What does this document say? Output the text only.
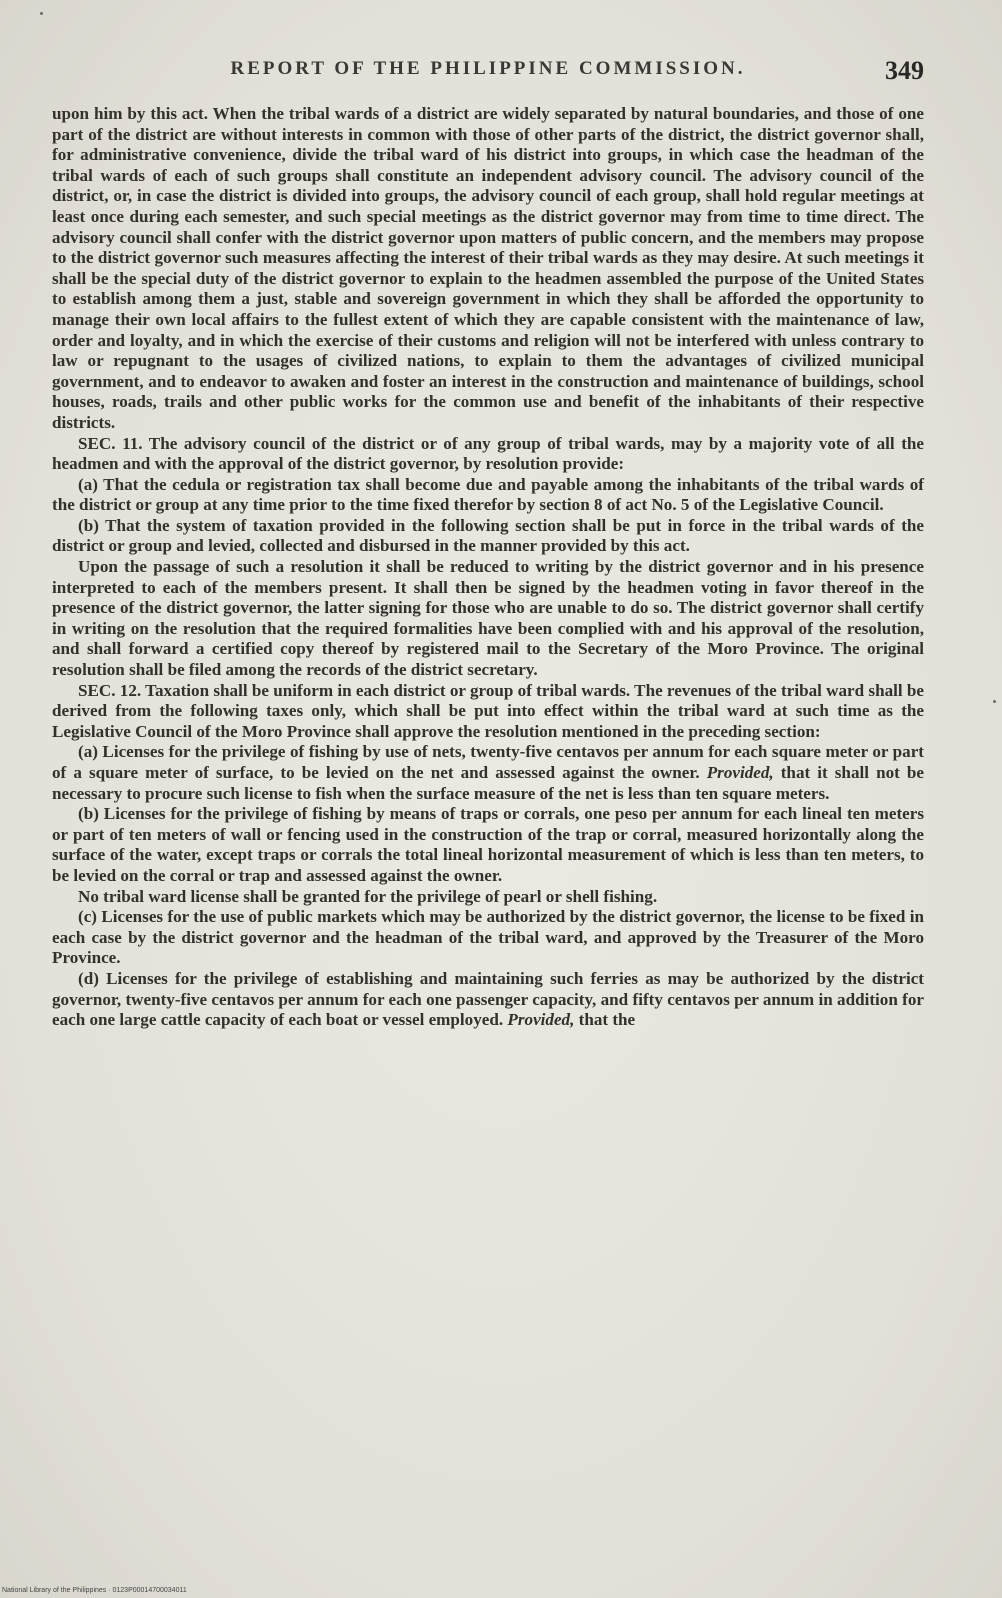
REPORT OF THE PHILIPPINE COMMISSION.	349

upon him by this act. When the tribal wards of a district are widely separated by natural boundaries, and those of one part of the district are without interests in common with those of other parts of the district, the district governor shall, for administrative convenience, divide the tribal ward of his district into groups, in which case the headman of the tribal wards of each of such groups shall constitute an independent advisory council. The advisory council of the district, or, in case the district is divided into groups, the advisory council of each group, shall hold regular meetings at least once during each semester, and such special meetings as the district governor may from time to time direct. The advisory council shall confer with the district governor upon matters of public concern, and the members may propose to the district governor such measures affecting the interest of their tribal wards as they may desire. At such meetings it shall be the special duty of the district governor to explain to the headmen assembled the purpose of the United States to establish among them a just, stable and sovereign government in which they shall be afforded the opportunity to manage their own local affairs to the fullest extent of which they are capable consistent with the maintenance of law, order and loyalty, and in which the exercise of their customs and religion will not be interfered with unless contrary to law or repugnant to the usages of civilized nations, to explain to them the advantages of civilized municipal government, and to endeavor to awaken and foster an interest in the construction and maintenance of buildings, school houses, roads, trails and other public works for the common use and benefit of the inhabitants of their respective districts.

SEC. 11. The advisory council of the district or of any group of tribal wards, may by a majority vote of all the headmen and with the approval of the district governor, by resolution provide:

(a) That the cedula or registration tax shall become due and payable among the inhabitants of the tribal wards of the district or group at any time prior to the time fixed therefor by section 8 of act No. 5 of the Legislative Council.

(b) That the system of taxation provided in the following section shall be put in force in the tribal wards of the district or group and levied, collected and disbursed in the manner provided by this act.

Upon the passage of such a resolution it shall be reduced to writing by the district governor and in his presence interpreted to each of the members present. It shall then be signed by the headmen voting in favor thereof in the presence of the district governor, the latter signing for those who are unable to do so. The district governor shall certify in writing on the resolution that the required formalities have been complied with and his approval of the resolution, and shall forward a certified copy thereof by registered mail to the Secretary of the Moro Province. The original resolution shall be filed among the records of the district secretary.

SEC. 12. Taxation shall be uniform in each district or group of tribal wards. The revenues of the tribal ward shall be derived from the following taxes only, which shall be put into effect within the tribal ward at such time as the Legislative Council of the Moro Province shall approve the resolution mentioned in the preceding section:

(a) Licenses for the privilege of fishing by use of nets, twenty-five centavos per annum for each square meter or part of a square meter of surface, to be levied on the net and assessed against the owner. Provided, that it shall not be necessary to procure such license to fish when the surface measure of the net is less than ten square meters.

(b) Licenses for the privilege of fishing by means of traps or corrals, one peso per annum for each lineal ten meters or part of ten meters of wall or fencing used in the construction of the trap or corral, measured horizontally along the surface of the water, except traps or corrals the total lineal horizontal measurement of which is less than ten meters, to be levied on the corral or trap and assessed against the owner.

No tribal ward license shall be granted for the privilege of pearl or shell fishing.

(c) Licenses for the use of public markets which may be authorized by the district governor, the license to be fixed in each case by the district governor and the headman of the tribal ward, and approved by the Treasurer of the Moro Province.

(d) Licenses for the privilege of establishing and maintaining such ferries as may be authorized by the district governor, twenty-five centavos per annum for each one passenger capacity, and fifty centavos per annum in addition for each one large cattle capacity of each boat or vessel employed. Provided, that the

National Library of the Philippines · 0123P00014700034011
